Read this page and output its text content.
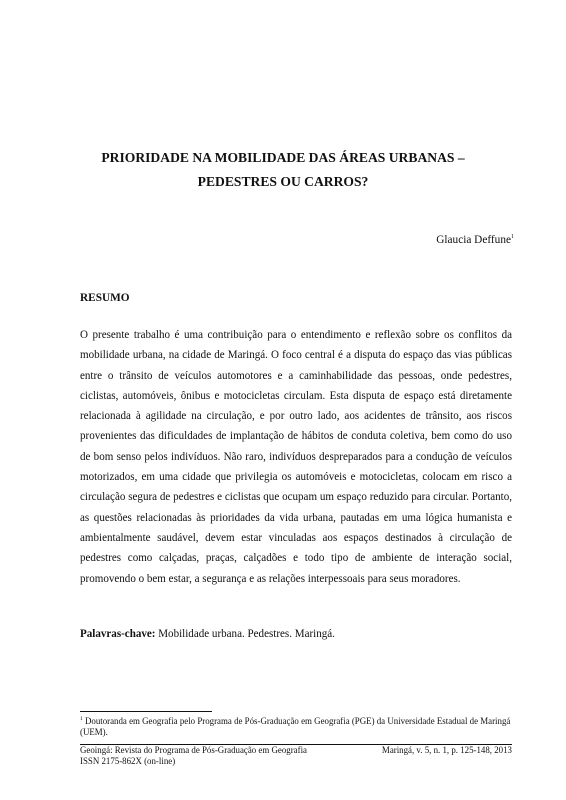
PRIORIDADE NA MOBILIDADE DAS ÁREAS URBANAS –
PEDESTRES OU CARROS?

Glaucia Deffune$^1$

RESUMO

O presente trabalho é uma contribuição para o entendimento e reflexão sobre os conflitos da mobilidade urbana, na cidade de Maringá. O foco central é a disputa do espaço das vias públicas entre o trânsito de veículos automotores e a caminhabilidade das pessoas, onde pedestres, ciclistas, automóveis, ônibus e motocicletas circulam. Esta disputa de espaço está diretamente relacionada à agilidade na circulação, e por outro lado, aos acidentes de trânsito, aos riscos provenientes das dificuldades de implantação de hábitos de conduta coletiva, bem como do uso de bom senso pelos indivíduos. Não raro, indivíduos despreparados para a condução de veículos motorizados, em uma cidade que privilegia os automóveis e motocicletas, colocam em risco a circulação segura de pedestres e ciclistas que ocupam um espaço reduzido para circular. Portanto, as questões relacionadas às prioridades da vida urbana, pautadas em uma lógica humanista e ambientalmente saudável, devem estar vinculadas aos espaços destinados à circulação de pedestres como calçadas, praças, calçadões e todo tipo de ambiente de interação social, promovendo o bem estar, a segurança e as relações interpessoais para seus moradores.

Palavras-chave: Mobilidade urbana. Pedestres. Maringá.

$^1$ Doutoranda em Geografia pelo Programa de Pós-Graduação em Geografia (PGE) da Universidade Estadual de Maringá (UEM).

Geoingá: Revista do Programa de Pós-Graduação em Geografia
ISSN 2175-862X (on-line)

Maringá, v. 5, n. 1, p. 125-148, 2013
